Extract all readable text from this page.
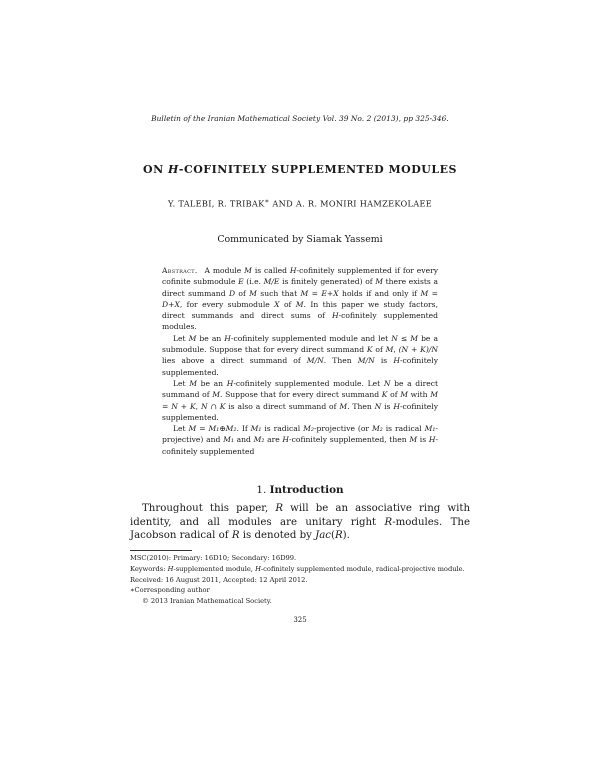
Bulletin of the Iranian Mathematical Society Vol. 39 No. 2 (2013), pp 325-346.
ON H-COFINITELY SUPPLEMENTED MODULES
Y. TALEBI, R. TRIBAK∗ AND A. R. MONIRI HAMZEKOLAEE
Communicated by Siamak Yassemi

Abstract. A module M is called H-cofinitely supplemented if for every cofinite submodule E (i.e. M/E is finitely generated) of M there exists a direct summand D of M such that M = E+X holds if and only if M = D+X, for every submodule X of M. In this paper we study factors, direct summands and direct sums of H-cofinitely supplemented modules.

Let M be an H-cofinitely supplemented module and let N ≤ M be a submodule. Suppose that for every direct summand K of M, (N + K)/N lies above a direct summand of M/N. Then M/N is H-cofinitely supplemented.

Let M be an H-cofinitely supplemented module. Let N be a direct summand of M. Suppose that for every direct summand K of M with M = N + K, N ∩ K is also a direct summand of M. Then N is H-cofinitely supplemented.

Let M = M₁⊕M₂. If M₁ is radical M₂-projective (or M₂ is radical M₁-projective) and M₁ and M₂ are H-cofinitely supplemented, then M is H-cofinitely supplemented

1. Introduction

Throughout this paper, R will be an associative ring with identity, and all modules are unitary right R-modules. The Jacobson radical of R is denoted by Jac(R).

MSC(2010): Primary: 16D10; Secondary: 16D99.
Keywords: H-supplemented module, H-cofinitely supplemented module, radical-projective module.
Received: 16 August 2011, Accepted: 12 April 2012.
∗Corresponding author
© 2013 Iranian Mathematical Society.
325
